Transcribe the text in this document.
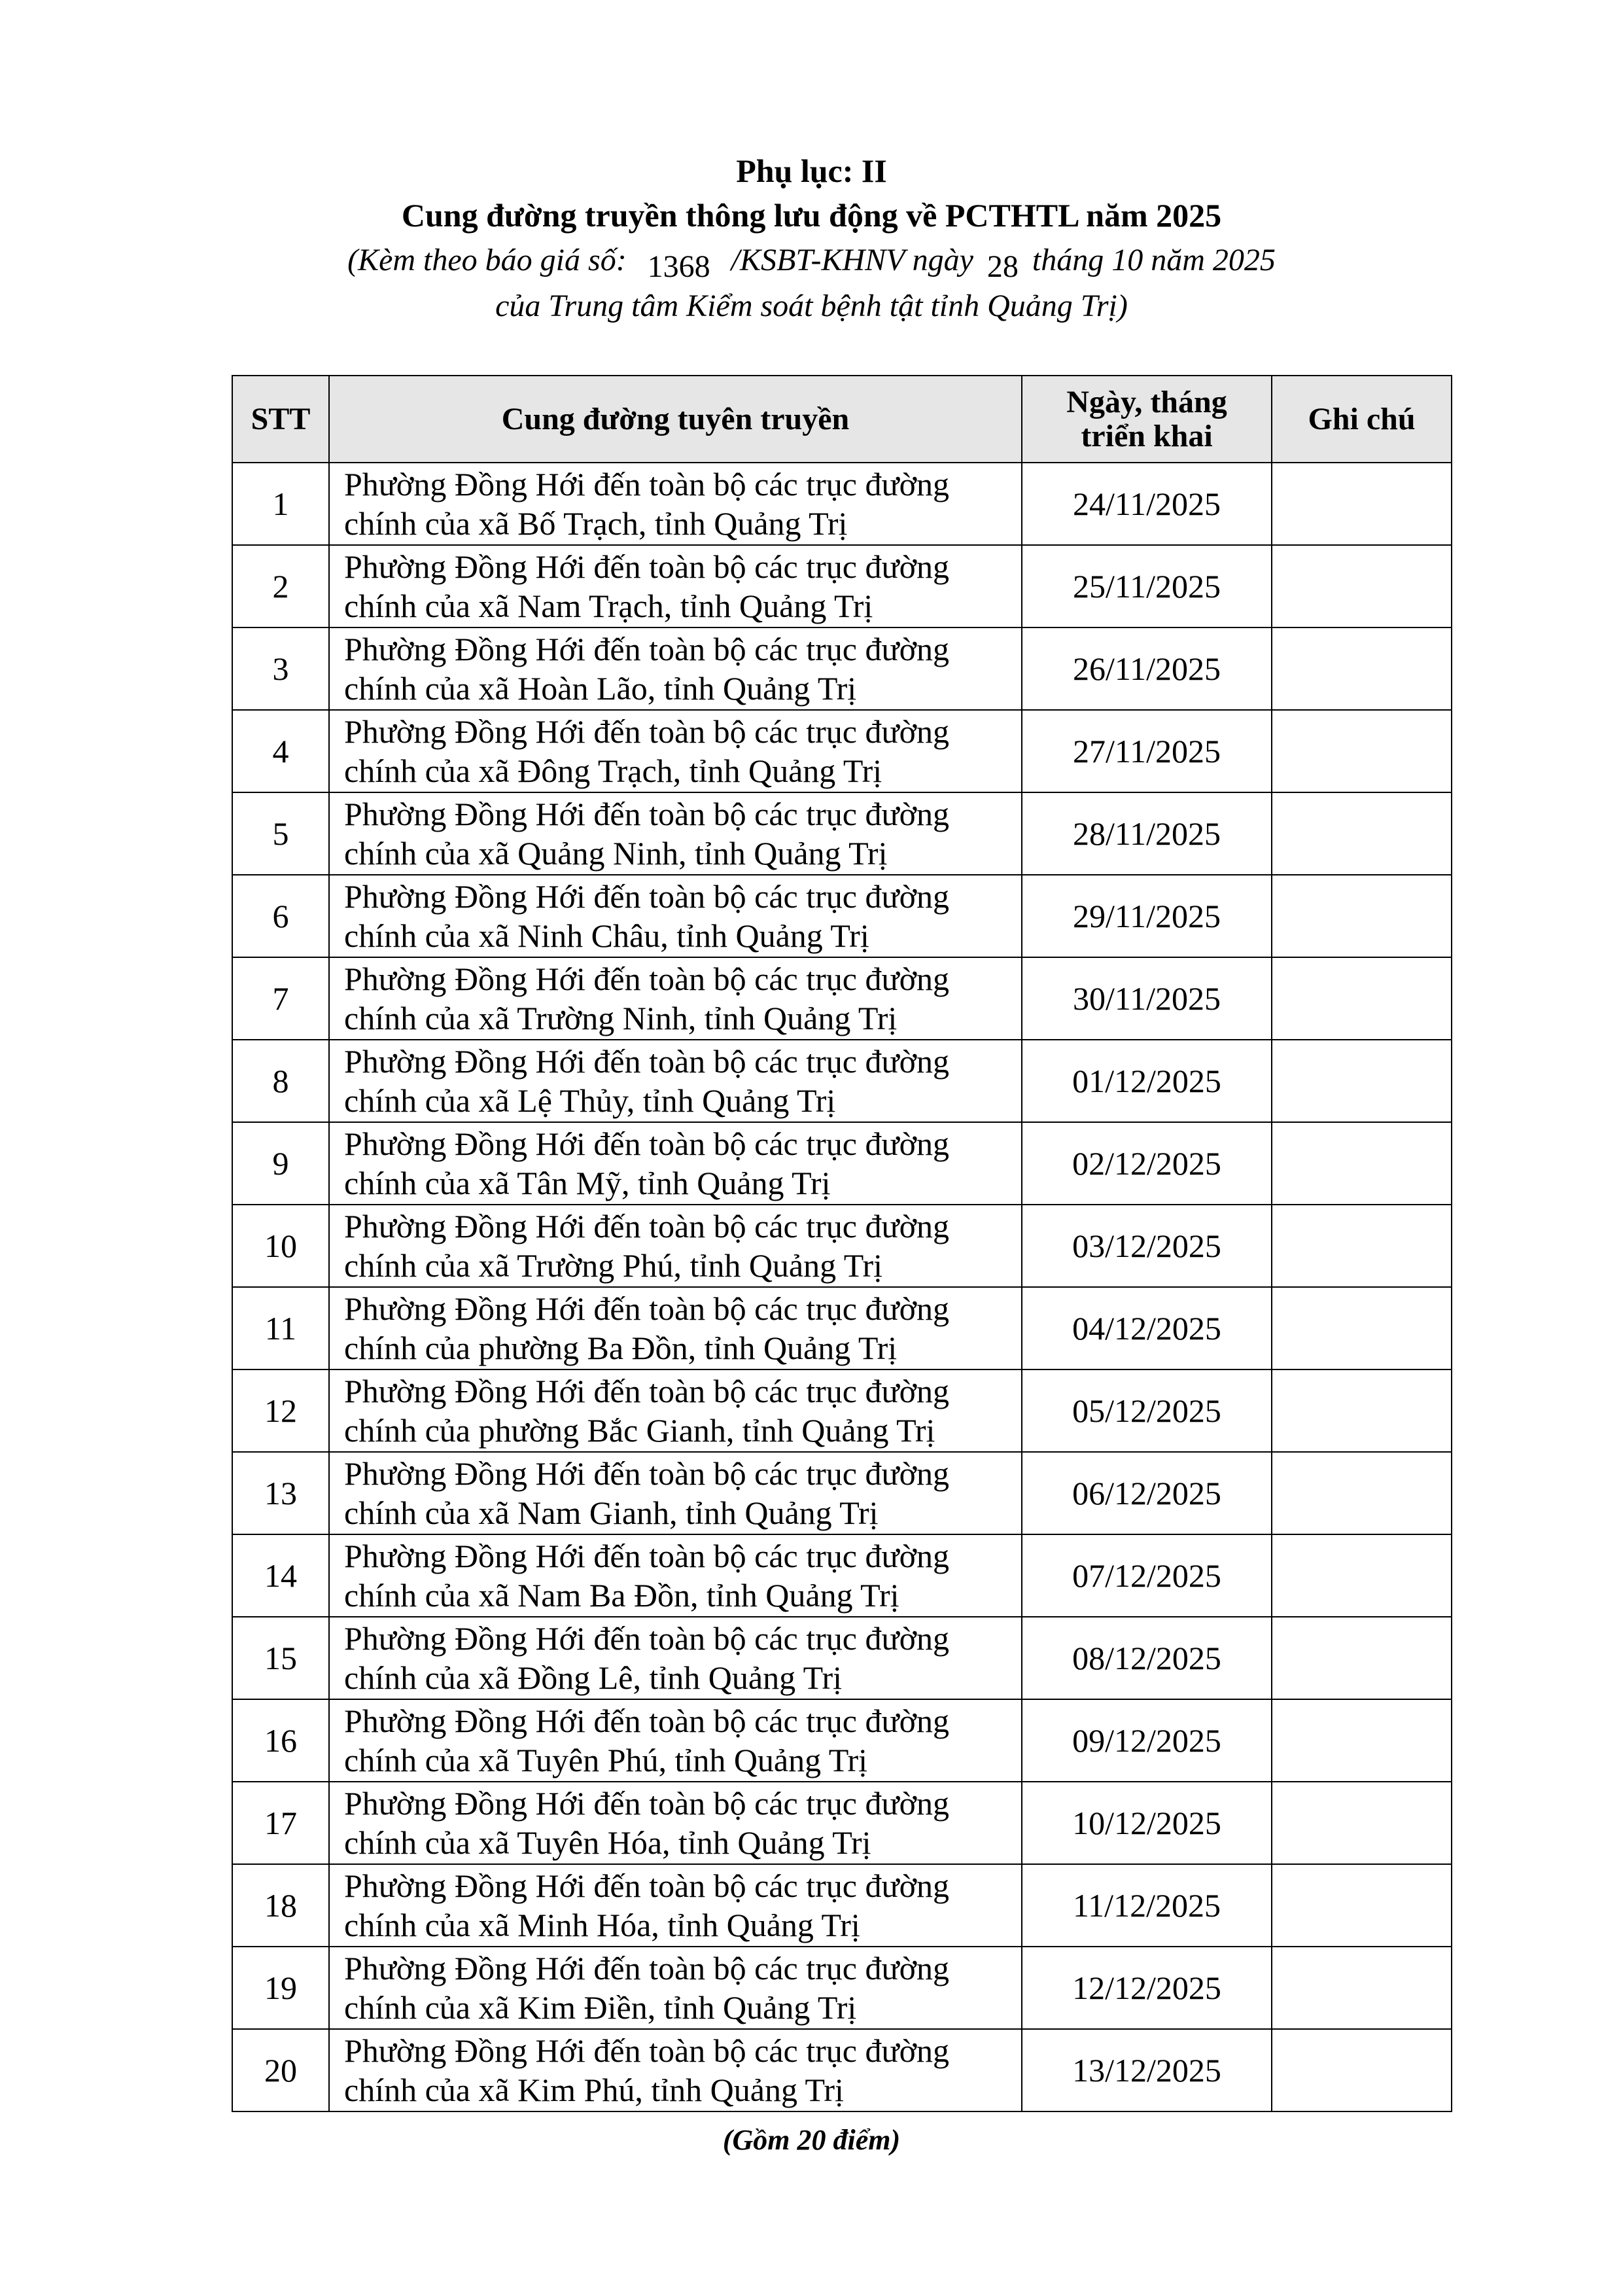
Phụ lục: II
Cung đường truyền thông lưu động về PCTHTL năm 2025
(Kèm theo báo giá số: 1368 /KSBT-KHNV ngày 28 tháng 10 năm 2025
của Trung tâm Kiểm soát bệnh tật tỉnh Quảng Trị)
STT	Cung đường tuyên truyền	Ngày, tháng
triển khai	Ghi chú
1	Phường Đồng Hới đến toàn bộ các trục đường
chính của xã Bố Trạch, tỉnh Quảng Trị	24/11/2025	
2	Phường Đồng Hới đến toàn bộ các trục đường
chính của xã Nam Trạch, tỉnh Quảng Trị	25/11/2025	
3	Phường Đồng Hới đến toàn bộ các trục đường
chính của xã Hoàn Lão, tỉnh Quảng Trị	26/11/2025	
4	Phường Đồng Hới đến toàn bộ các trục đường
chính của xã Đông Trạch, tỉnh Quảng Trị	27/11/2025	
5	Phường Đồng Hới đến toàn bộ các trục đường
chính của xã Quảng Ninh, tỉnh Quảng Trị	28/11/2025	
6	Phường Đồng Hới đến toàn bộ các trục đường
chính của xã Ninh Châu, tỉnh Quảng Trị	29/11/2025	
7	Phường Đồng Hới đến toàn bộ các trục đường
chính của xã Trường Ninh, tỉnh Quảng Trị	30/11/2025	
8	Phường Đồng Hới đến toàn bộ các trục đường
chính của xã Lệ Thủy, tỉnh Quảng Trị	01/12/2025	
9	Phường Đồng Hới đến toàn bộ các trục đường
chính của xã Tân Mỹ, tỉnh Quảng Trị	02/12/2025	
10	Phường Đồng Hới đến toàn bộ các trục đường
chính của xã Trường Phú, tỉnh Quảng Trị	03/12/2025	
11	Phường Đồng Hới đến toàn bộ các trục đường
chính của phường Ba Đồn, tỉnh Quảng Trị	04/12/2025	
12	Phường Đồng Hới đến toàn bộ các trục đường
chính của phường Bắc Gianh, tỉnh Quảng Trị	05/12/2025	
13	Phường Đồng Hới đến toàn bộ các trục đường
chính của xã Nam Gianh, tỉnh Quảng Trị	06/12/2025	
14	Phường Đồng Hới đến toàn bộ các trục đường
chính của xã Nam Ba Đồn, tỉnh Quảng Trị	07/12/2025	
15	Phường Đồng Hới đến toàn bộ các trục đường
chính của xã Đồng Lê, tỉnh Quảng Trị	08/12/2025	
16	Phường Đồng Hới đến toàn bộ các trục đường
chính của xã Tuyên Phú, tỉnh Quảng Trị	09/12/2025	
17	Phường Đồng Hới đến toàn bộ các trục đường
chính của xã Tuyên Hóa, tỉnh Quảng Trị	10/12/2025	
18	Phường Đồng Hới đến toàn bộ các trục đường
chính của xã Minh Hóa, tỉnh Quảng Trị	11/12/2025	
19	Phường Đồng Hới đến toàn bộ các trục đường
chính của xã Kim Điền, tỉnh Quảng Trị	12/12/2025	
20	Phường Đồng Hới đến toàn bộ các trục đường
chính của xã Kim Phú, tỉnh Quảng Trị	13/12/2025	
(Gồm 20 điểm)
